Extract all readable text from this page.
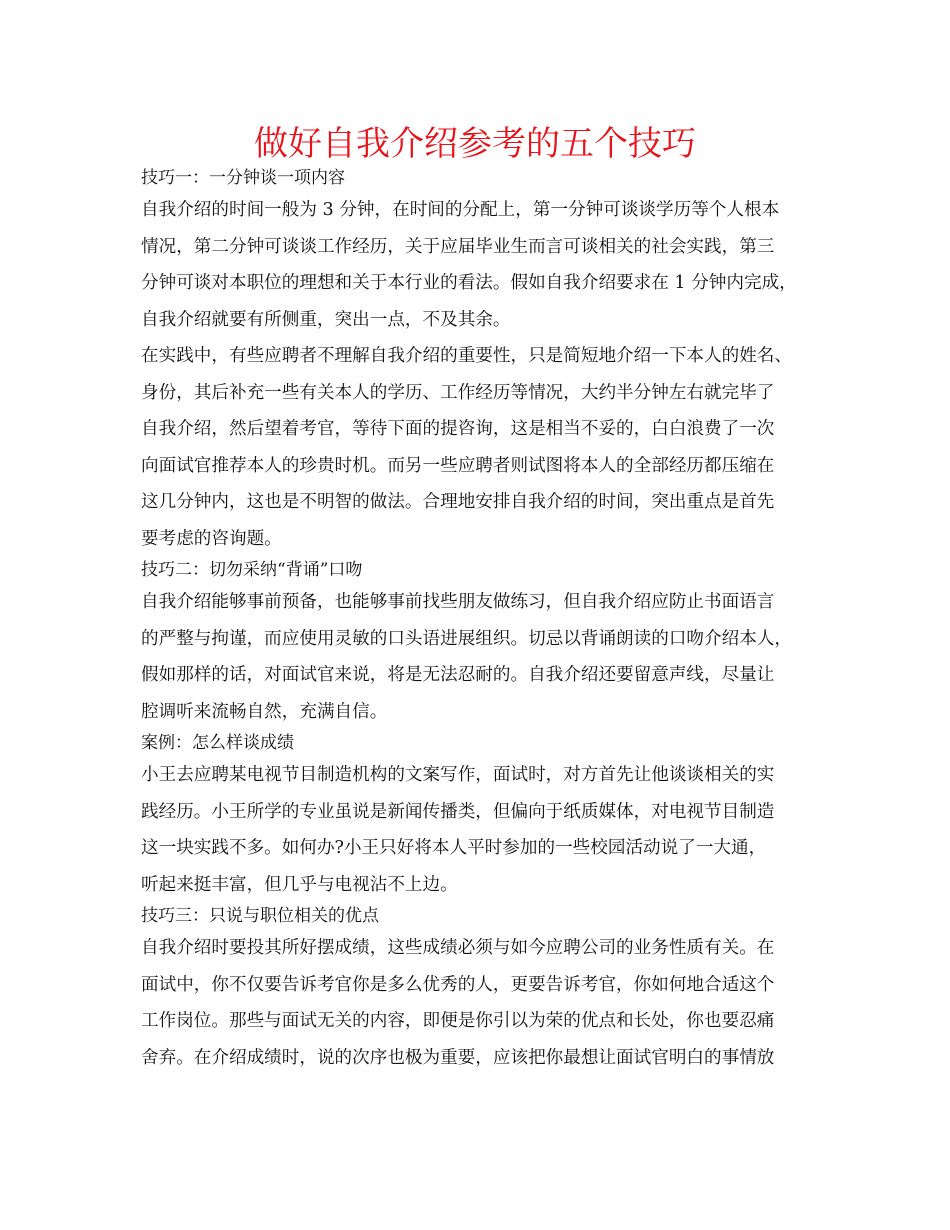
做好自我介绍参考的五个技巧
技巧一：一分钟谈一项内容
自我介绍的时间一般为 3 分钟，在时间的分配上，第一分钟可谈谈学历等个人根本
情况，第二分钟可谈谈工作经历，关于应届毕业生而言可谈相关的社会实践，第三
分钟可谈对本职位的理想和关于本行业的看法。假如自我介绍要求在 1 分钟内完成，
自我介绍就要有所侧重，突出一点，不及其余。
在实践中，有些应聘者不理解自我介绍的重要性，只是简短地介绍一下本人的姓名、
身份，其后补充一些有关本人的学历、工作经历等情况，大约半分钟左右就完毕了
自我介绍，然后望着考官，等待下面的提咨询，这是相当不妥的，白白浪费了一次
向面试官推荐本人的珍贵时机。而另一些应聘者则试图将本人的全部经历都压缩在
这几分钟内，这也是不明智的做法。合理地安排自我介绍的时间，突出重点是首先
要考虑的咨询题。
技巧二：切勿采纳“背诵”口吻
自我介绍能够事前预备，也能够事前找些朋友做练习，但自我介绍应防止书面语言
的严整与拘谨，而应使用灵敏的口头语进展组织。切忌以背诵朗读的口吻介绍本人，
假如那样的话，对面试官来说，将是无法忍耐的。自我介绍还要留意声线，尽量让
腔调听来流畅自然，充满自信。
案例：怎么样谈成绩
小王去应聘某电视节目制造机构的文案写作，面试时，对方首先让他谈谈相关的实
践经历。小王所学的专业虽说是新闻传播类，但偏向于纸质媒体，对电视节目制造
这一块实践不多。如何办?小王只好将本人平时参加的一些校园活动说了一大通，
听起来挺丰富，但几乎与电视沾不上边。
技巧三：只说与职位相关的优点
自我介绍时要投其所好摆成绩，这些成绩必须与如今应聘公司的业务性质有关。在
面试中，你不仅要告诉考官你是多么优秀的人，更要告诉考官，你如何地合适这个
工作岗位。那些与面试无关的内容，即便是你引以为荣的优点和长处，你也要忍痛
舍弃。在介绍成绩时，说的次序也极为重要，应该把你最想让面试官明白的事情放
